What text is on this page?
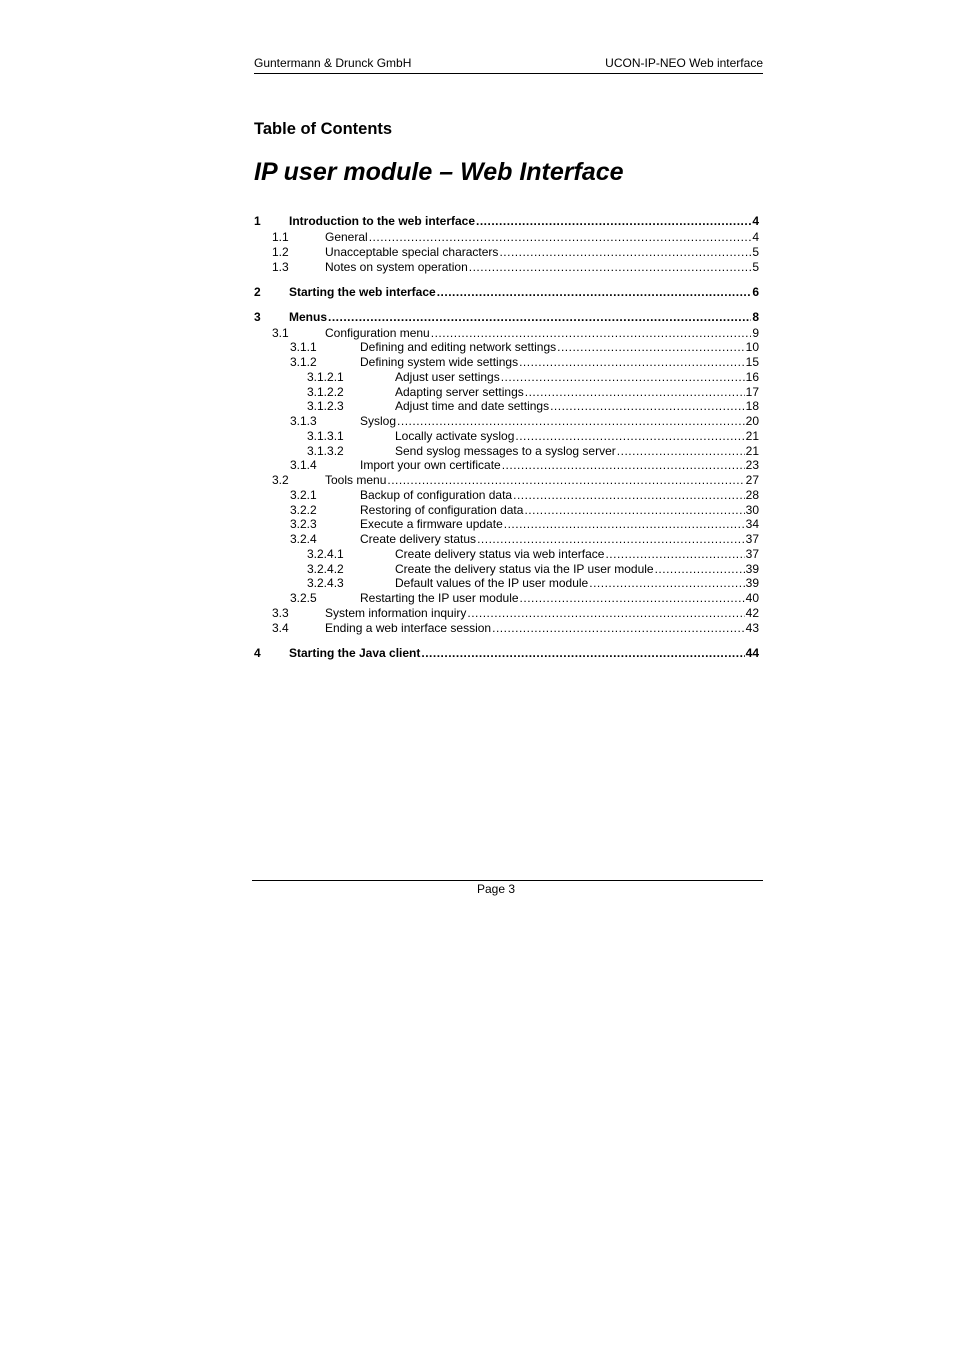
Guntermann & Drunck GmbH	UCON-IP-NEO Web interface
Table of Contents
IP user module – Web Interface
1 Introduction to the web interface .....	4
1.1	General .....	4
1.2	Unacceptable special characters .....	5
1.3	Notes on system operation .....	5
2 Starting the web interface .....	6
3 Menus .....	8
3.1	Configuration menu .....	9
3.1.1	Defining and editing network settings .....	10
3.1.2	Defining system wide settings .....	15
3.1.2.1	Adjust user settings .....	16
3.1.2.2	Adapting server settings .....	17
3.1.2.3	Adjust time and date settings .....	18
3.1.3	Syslog .....	20
3.1.3.1	Locally activate syslog .....	21
3.1.3.2	Send syslog messages to a syslog server .....	21
3.1.4	Import your own certificate .....	23
3.2	Tools menu .....	27
3.2.1	Backup of configuration data .....	28
3.2.2	Restoring of configuration data .....	30
3.2.3	Execute a firmware update .....	34
3.2.4	Create delivery status .....	37
3.2.4.1	Create delivery status via web interface .....	37
3.2.4.2	Create the delivery status via the IP user module .....	39
3.2.4.3	Default values of the IP user module .....	39
3.2.5	Restarting the IP user module .....	40
3.3	System information inquiry .....	42
3.4	Ending a web interface session .....	43
4 Starting the Java client .....	44
Page 3
